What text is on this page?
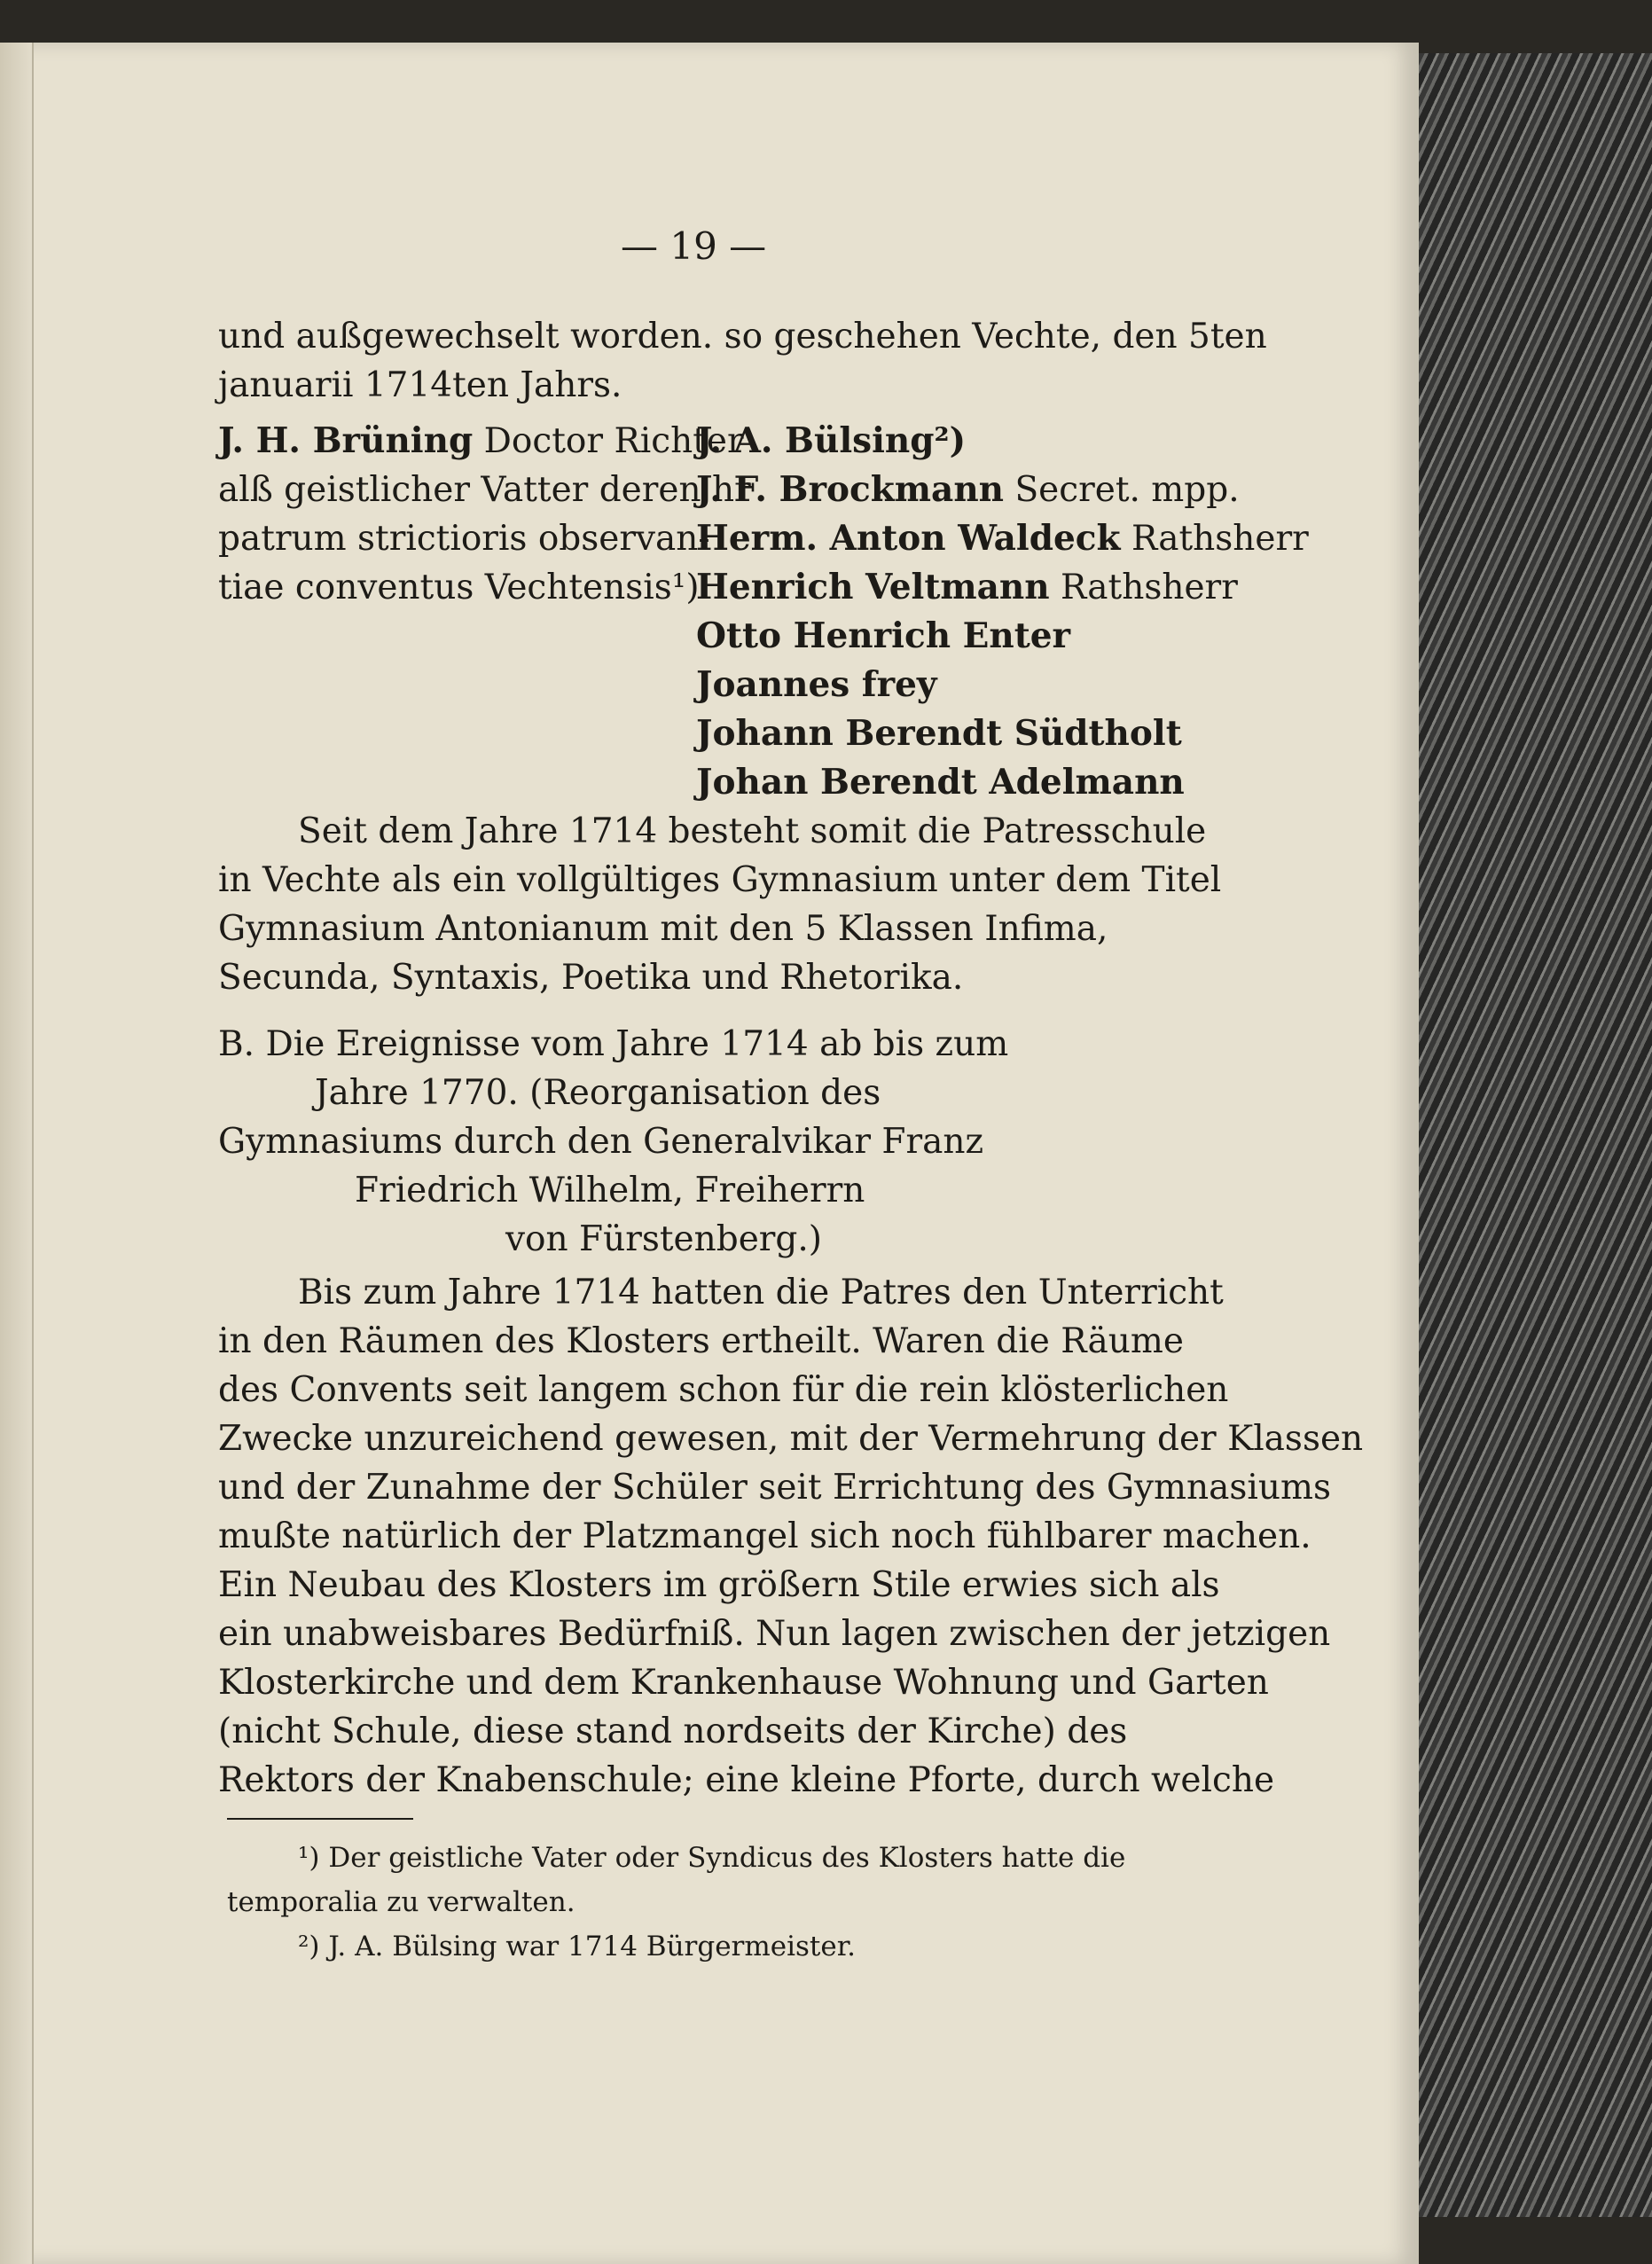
— 19 —
und außgewechselt worden. so geschehen Vechte, den 5ten
januarii 1714ten Jahrs.
J. H. Brüning Doctor Richter
alß geistlicher Vatter deren hr
patrum strictioris observan-
tiae conventus Vechtensis¹)
J. A. Bülsing²)
J. F. Brockmann Secret. mpp.
Herm. Anton Waldeck Rathsherr
Henrich Veltmann Rathsherr
Otto Henrich Enter
Joannes frey
Johann Berendt Südtholt
Johan Berendt Adelmann
Seit dem Jahre 1714 besteht somit die Patresschule
in Vechte als ein vollgültiges Gymnasium unter dem Titel
Gymnasium Antonianum mit den 5 Klassen Infima,
Secunda, Syntaxis, Poetika und Rhetorika.
B. Die Ereignisse vom Jahre 1714 ab bis zum
Jahre 1770. (Reorganisation des
Gymnasiums durch den Generalvikar Franz
Friedrich Wilhelm, Freiherrn
von Fürstenberg.)
Bis zum Jahre 1714 hatten die Patres den Unterricht
in den Räumen des Klosters ertheilt. Waren die Räume
des Convents seit langem schon für die rein klösterlichen
Zwecke unzureichend gewesen, mit der Vermehrung der Klassen
und der Zunahme der Schüler seit Errichtung des Gymnasiums
mußte natürlich der Platzmangel sich noch fühlbarer machen.
Ein Neubau des Klosters im größern Stile erwies sich als
ein unabweisbares Bedürfniß. Nun lagen zwischen der jetzigen
Klosterkirche und dem Krankenhause Wohnung und Garten
(nicht Schule, diese stand nordseits der Kirche) des
Rektors der Knabenschule; eine kleine Pforte, durch welche
¹) Der geistliche Vater oder Syndicus des Klosters hatte die
temporalia zu verwalten.
²) J. A. Bülsing war 1714 Bürgermeister.
